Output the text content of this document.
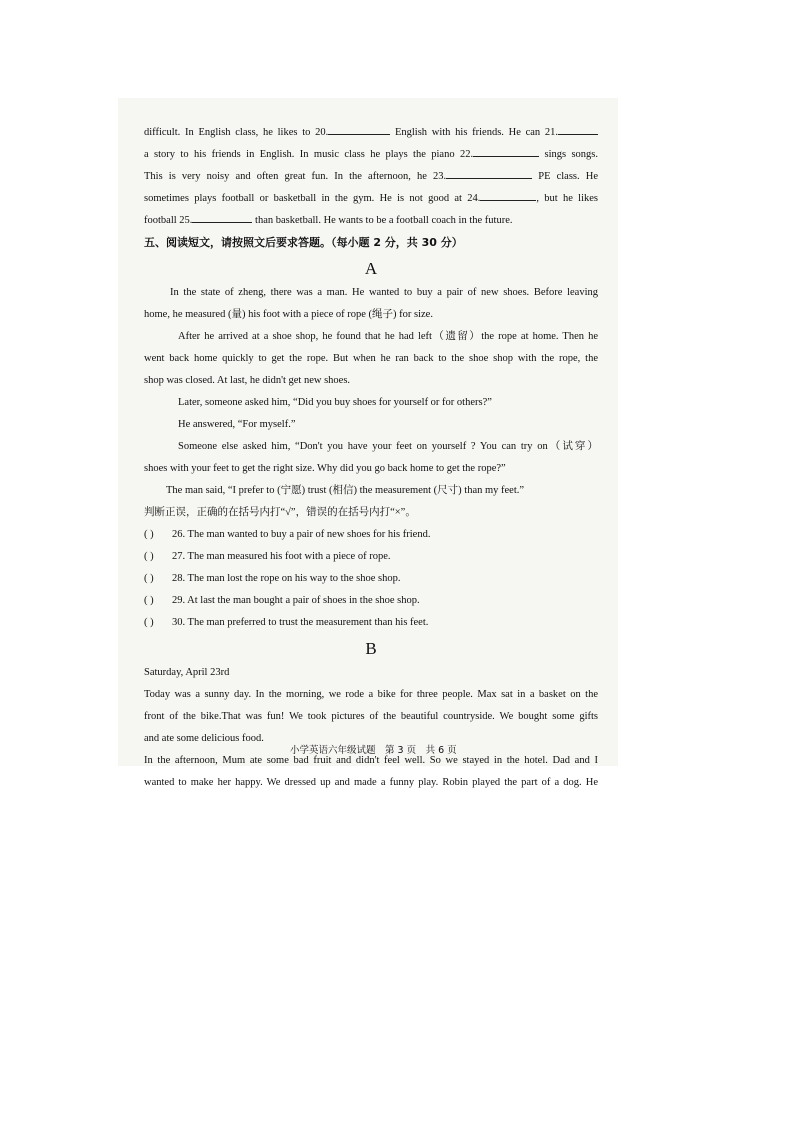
difficult. In English class, he likes to 20.	English with his friends. He can 21.
a story to his friends in English. In music class he plays the piano 22.	sings songs.
This is very noisy and often great fun. In the afternoon, he 23.	PE class. He
sometimes plays football or basketball in the gym. He is not good at 24.	, but he likes
football 25.	than basketball. He wants to be a football coach in the future.
五、阅读短文，请按照文后要求答题。（每小题 2 分，共 30 分）
A
In the state of zheng, there was a man. He wanted to buy a pair of new shoes. Before leaving
home, he measured (量) his foot with a piece of rope (绳子) for size.
After he arrived at a shoe shop, he found that he had left（遗留）the rope at home. Then he
went back home quickly to get the rope. But when he ran back to the shoe shop with the rope, the
shop was closed. At last, he didn't get new shoes.
Later, someone asked him, “Did you buy shoes for yourself or for others?”
He answered, “For myself.”
Someone else asked him, “Don't you have your feet on yourself ? You can try on（试穿）
shoes with your feet to get the right size. Why did you go back home to get the rope?”
The man said, “I prefer to (宁愿) trust (相信) the measurement (尺寸) than my feet.”
判断正误，正确的在括号内打“√”，错误的在括号内打“×”。
( )	26. The man wanted to buy a pair of new shoes for his friend.
( )	27. The man measured his foot with a piece of rope.
( )	28. The man lost the rope on his way to the shoe shop.
( )	29. At last the man bought a pair of shoes in the shoe shop.
( )	30. The man preferred to trust the measurement than his feet.
B
Saturday, April 23rd
Today was a sunny day. In the morning, we rode a bike for three people. Max sat in a basket on the
front of the bike.That was fun! We took pictures of the beautiful countryside. We bought some gifts
and ate some delicious food.
In the afternoon, Mum ate some bad fruit and didn't feel well. So we stayed in the hotel. Dad and I
wanted to make her happy. We dressed up and made a funny play. Robin played the part of a dog. He
小学英语六年级试题　第 3 页　共 6 页
